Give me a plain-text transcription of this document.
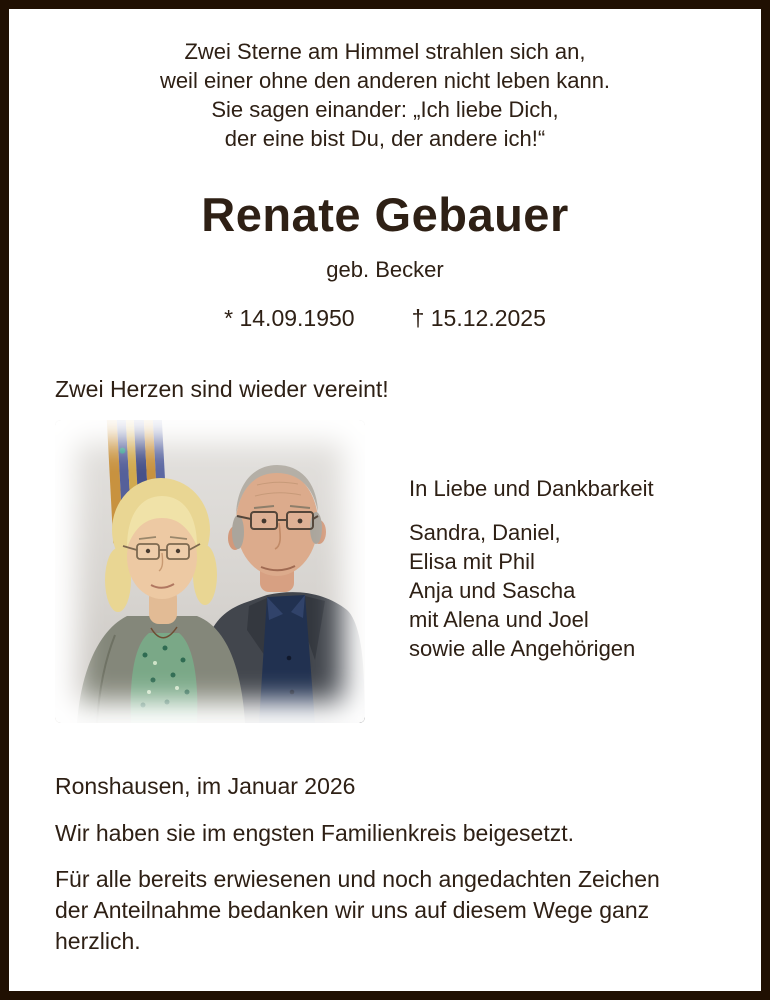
Zwei Sterne am Himmel strahlen sich an,
weil einer ohne den anderen nicht leben kann.
Sie sagen einander: „Ich liebe Dich,
der eine bist Du, der andere ich!“
Renate Gebauer
geb. Becker
* 14.09.1950 † 15.12.2025
Zwei Herzen sind wieder vereint!
In Liebe und Dankbarkeit
Sandra, Daniel,
Elisa mit Phil
Anja und Sascha
mit Alena und Joel
sowie alle Angehörigen
Ronshausen, im Januar 2026
Wir haben sie im engsten Familienkreis beigesetzt.
Für alle bereits erwiesenen und noch angedachten Zeichen
der Anteilnahme bedanken wir uns auf diesem Wege ganz
herzlich.
